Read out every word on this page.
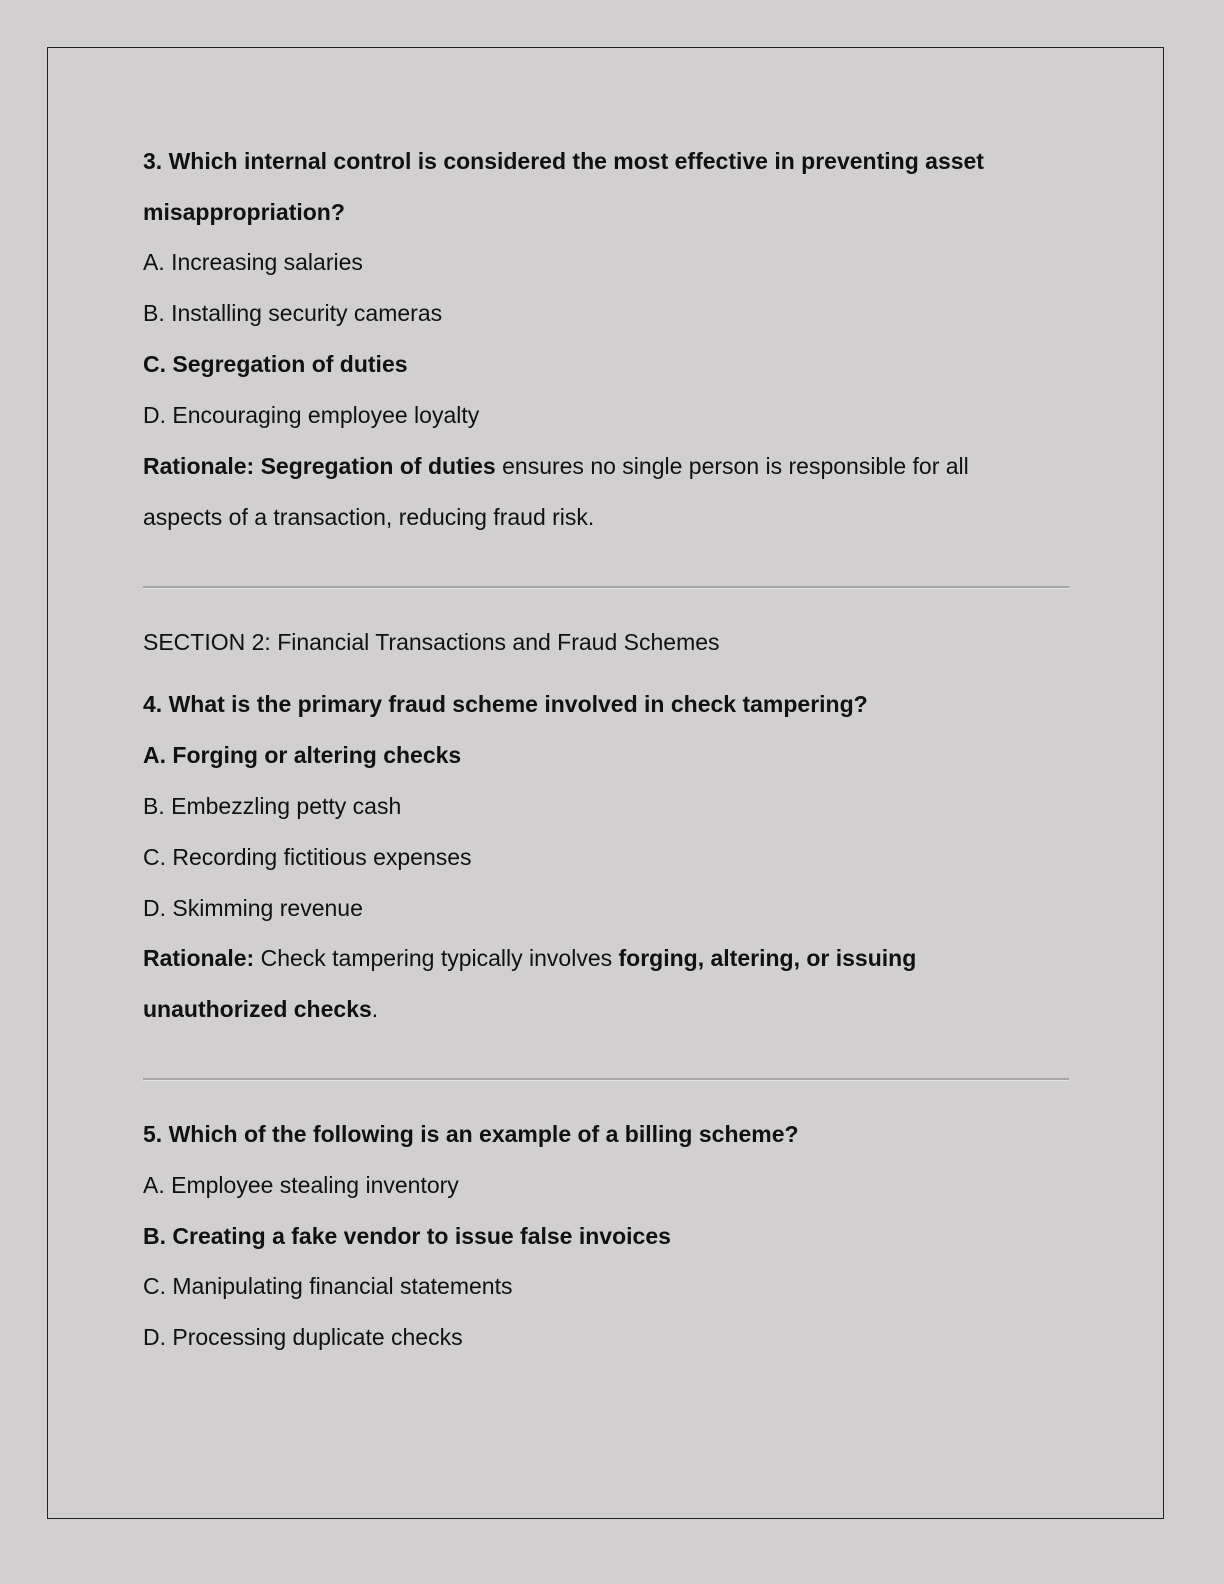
3. Which internal control is considered the most effective in preventing asset
misappropriation?
A. Increasing salaries
B. Installing security cameras
C. Segregation of duties
D. Encouraging employee loyalty
Rationale: Segregation of duties ensures no single person is responsible for all
aspects of a transaction, reducing fraud risk.
SECTION 2: Financial Transactions and Fraud Schemes
4. What is the primary fraud scheme involved in check tampering?
A. Forging or altering checks
B. Embezzling petty cash
C. Recording fictitious expenses
D. Skimming revenue
Rationale: Check tampering typically involves forging, altering, or issuing
unauthorized checks.
5. Which of the following is an example of a billing scheme?
A. Employee stealing inventory
B. Creating a fake vendor to issue false invoices
C. Manipulating financial statements
D. Processing duplicate checks
